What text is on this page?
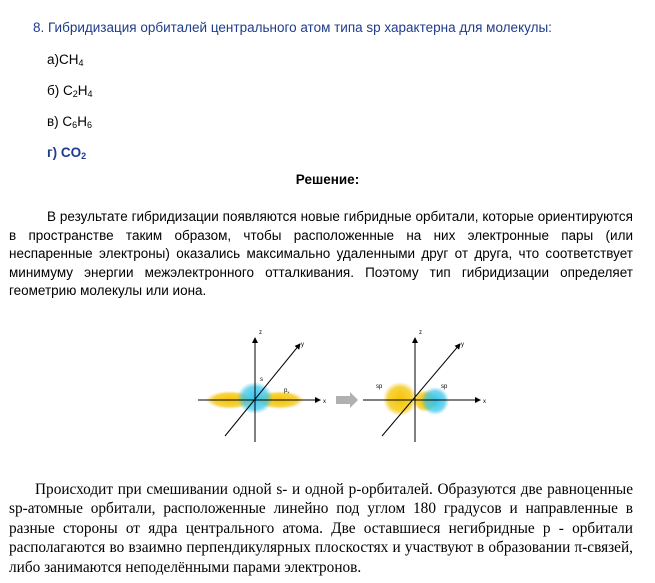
8. Гибридизация орбиталей центрального атом типа sp характерна для молекулы:
$а)CH_4$
б) $C_2H_4$
в) $C_6H_6$
г) $CO_2$
Решение:

В результате гибридизации появляются новые гибридные орбитали, которые ориентируются в пространстве таким образом, чтобы расположенные на них электронные пары (или неспаренные электроны) оказались максимально удаленными друг от друга, что соответствует минимуму энергии межэлектронного отталкивания. Поэтому тип гибридизации определяет геометрию молекулы или иона.

z
y
x
s
$p_x$
z
y
x
sp	sp

Происходит при смешивании одной s- и одной p-орбиталей. Образуются две равноценные sp-атомные орбитали, расположенные линейно под углом 180 градусов и направленные в разные стороны от ядра центрального атома. Две оставшиеся негибридные p - орбитали располагаются во взаимно перпендикулярных плоскостях и участвуют в образовании π-связей, либо занимаются неподелёнными парами электронов.
